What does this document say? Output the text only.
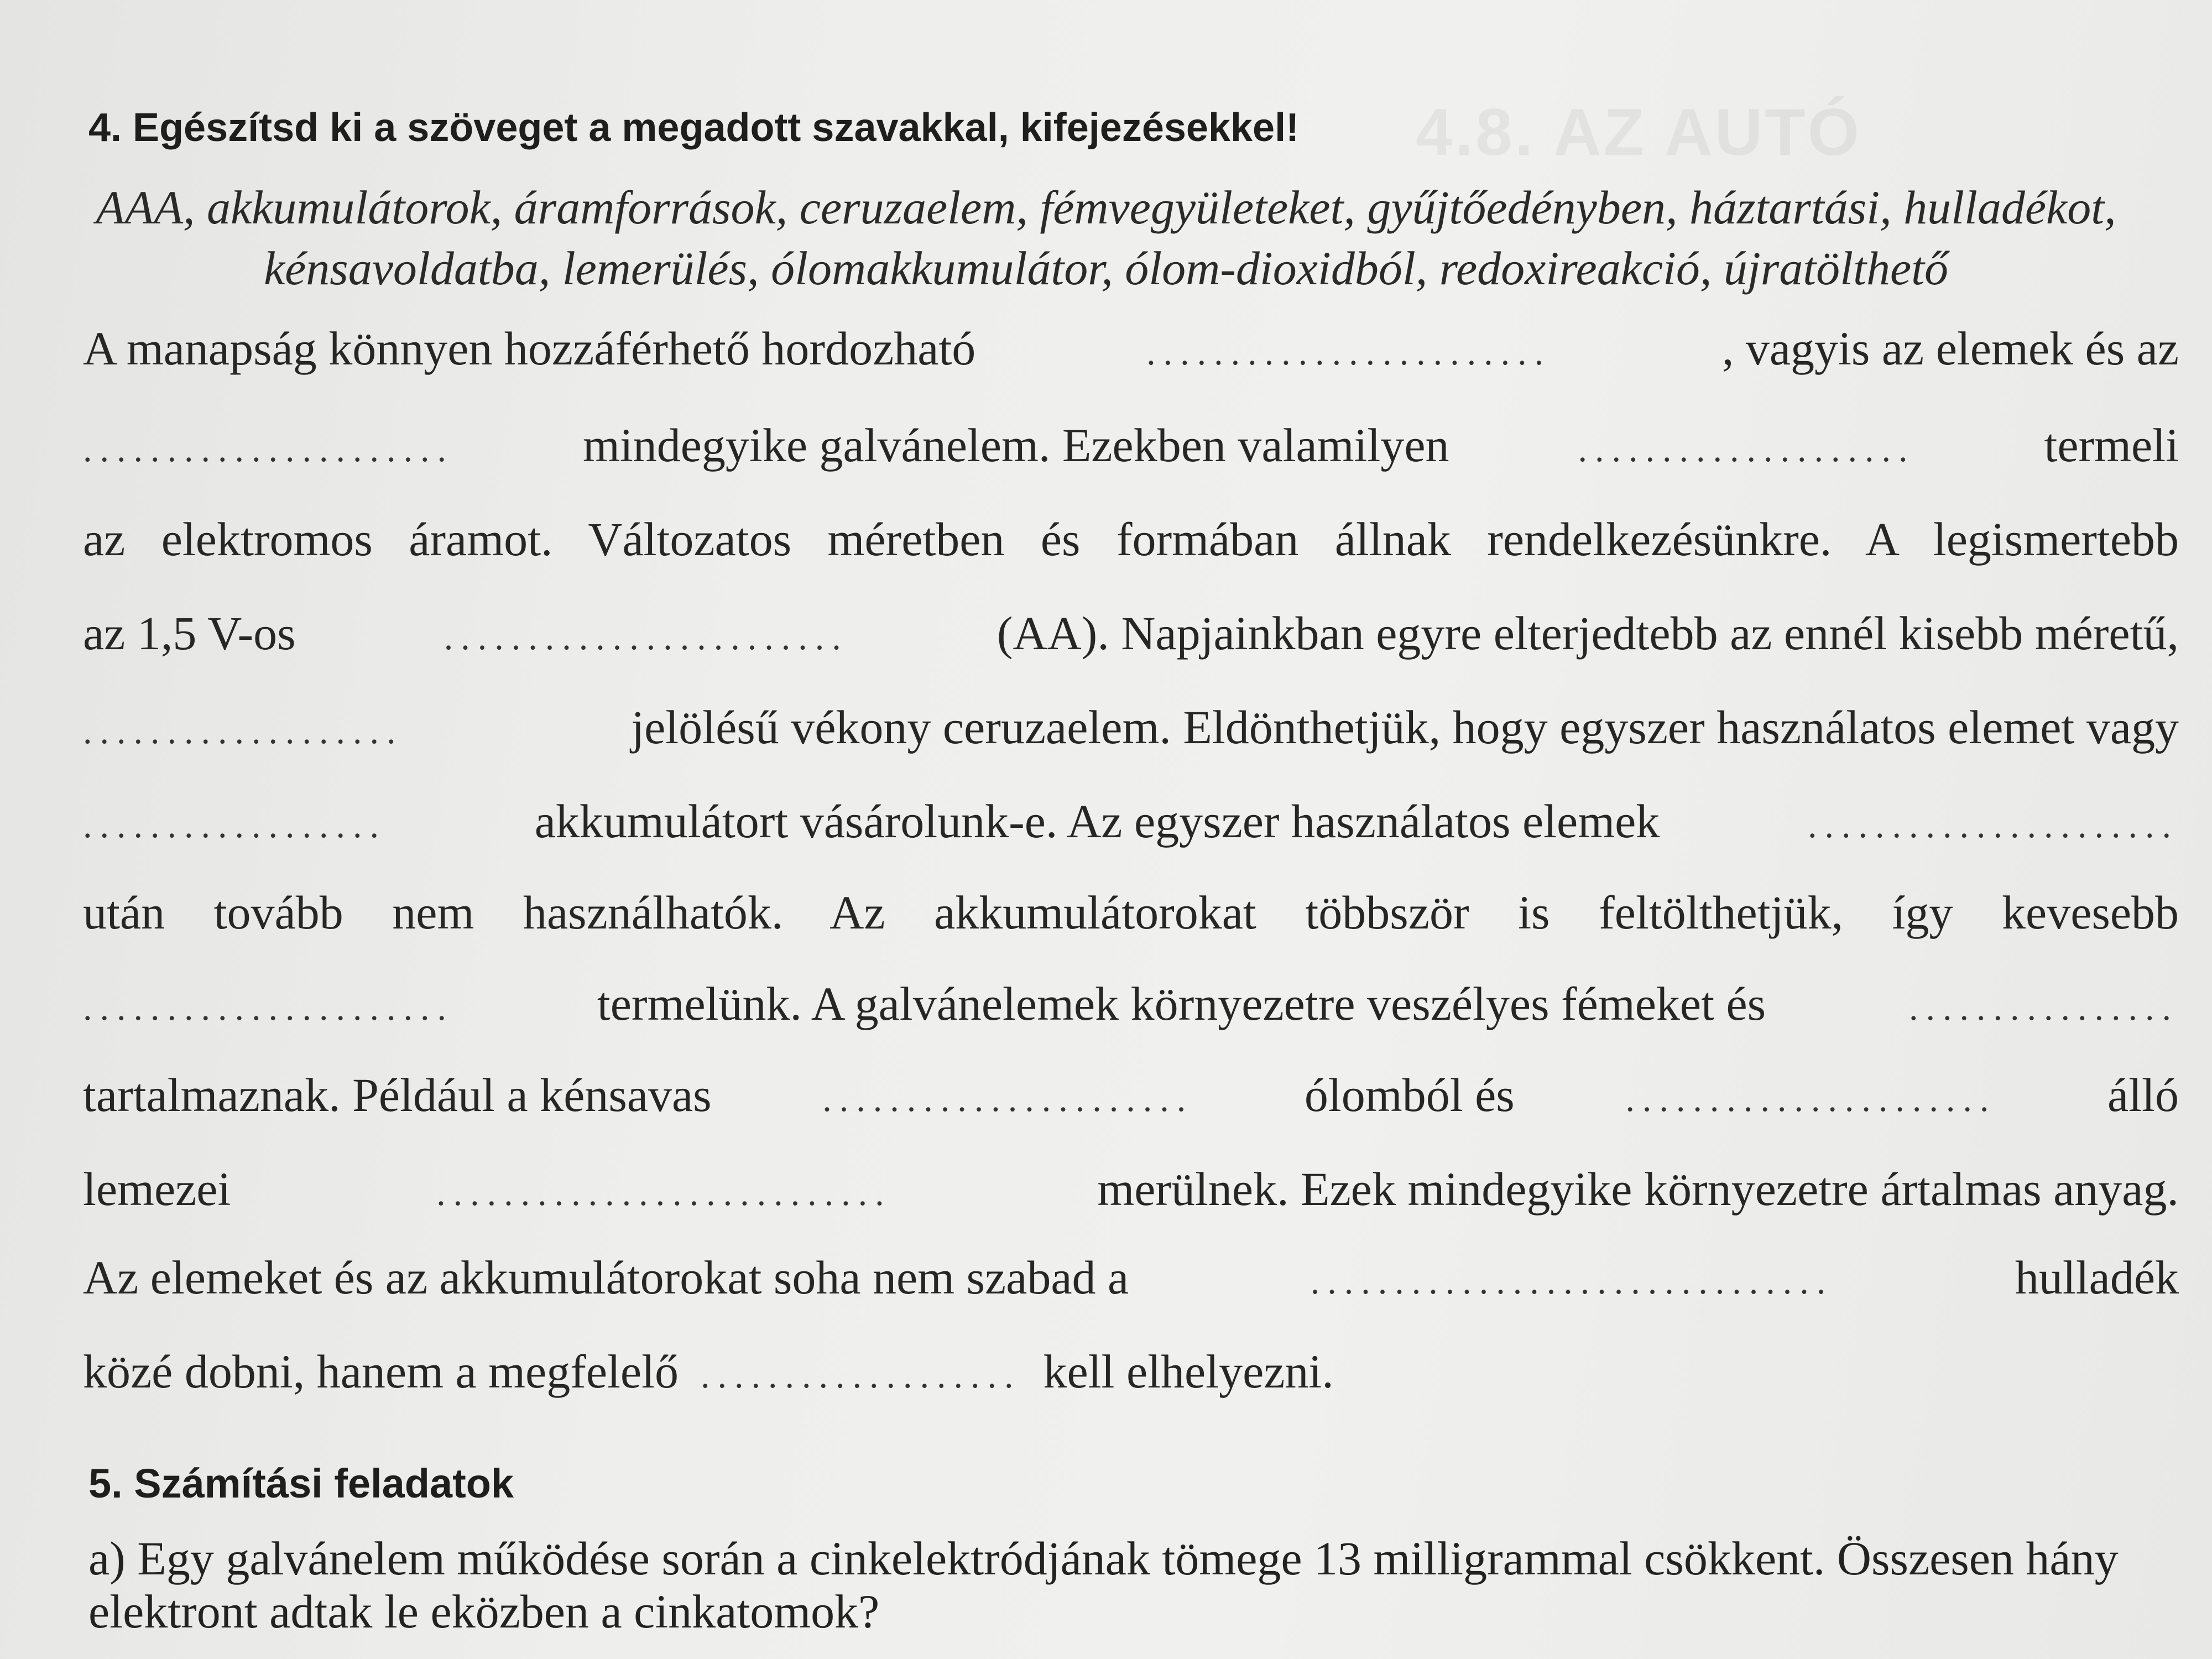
4.8. AZ AUTÓ
4. Egészítsd ki a szöveget a megadott szavakkal, kifejezésekkel!
AAA, akkumulátorok, áramforrások, ceruzaelem, fémvegyületeket, gyűjtőedényben, háztartási, hulladékot,
kénsavoldatba, lemerülés, ólomakkumulátor, ólom-dioxidból, redoxireakció, újratölthető
A manapság könnyen hozzáférhető hordozható	........................	, vagyis az elemek és az
......................	mindegyike galvánelem. Ezekben valamilyen	....................	termeli
az elektromos áramot. Változatos méretben és formában állnak rendelkezésünkre. A legismertebb
az 1,5 V-os	........................	(AA). Napjainkban egyre elterjedtebb az ennél kisebb méretű,
...................	jelölésű vékony ceruzaelem. Eldönthetjük, hogy egyszer használatos elemet vagy
..................	akkumulátort vásárolunk-e. Az egyszer használatos elemek	......................
után tovább nem használhatók. Az akkumulátorokat többször is feltölthetjük, így kevesebb
......................	termelünk. A galvánelemek környezetre veszélyes fémeket és	................
tartalmaznak. Például a kénsavas	...................... ólomból és	...................... álló
lemezei	...........................	merülnek. Ezek mindegyike környezetre ártalmas anyag.
Az elemeket és az akkumulátorokat soha nem szabad a	...............................	hulladék
közé dobni, hanem a megfelelő ................... kell elhelyezni.
5. Számítási feladatok
a) Egy galvánelem működése során a cinkelektródjának tömege 13 milligrammal csökkent. Összesen hány
elektront adtak le eközben a cinkatomok?
